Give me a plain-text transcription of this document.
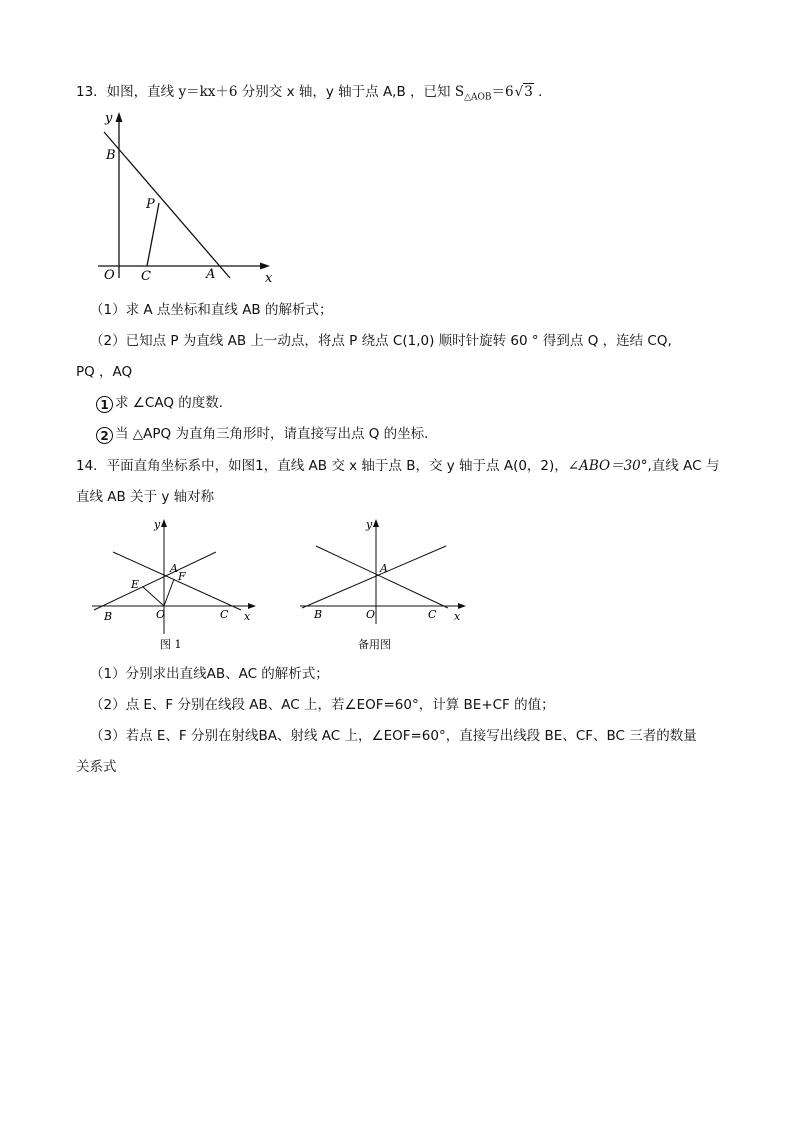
13．如图，直线 y＝kx＋6 分别交 x 轴，y 轴于点 A,B ，已知 $S_{\triangle AOB}=6√3$ ．
y
B
P
O C	A	x
（1）求 A 点坐标和直线 AB 的解析式；
（2）已知点 P 为直线 AB 上一动点，将点 P 绕点 C(1,0) 顺时针旋转 60 ° 得到点 Q ，连结 CQ,
PQ ，AQ
1 求 ∠CAQ 的度数．
2 当 △APQ 为直角三角形时，请直接写出点 Q 的坐标．
14．平面直角坐标系中，如图1，直线 AB 交 x 轴于点 B，交 y 轴于点 A(0，2)，∠ABO＝30°,直线 AC 与
直线 AB 关于 y 轴对称
y
A
F
E
B	O	C x
图 1
y
A
B	O	C x
备用图
（1）分别求出直线AB、AC 的解析式；
（2）点 E、F 分别在线段 AB、AC 上，若∠EOF=60°，计算 BE+CF 的值；
（3）若点 E、F 分别在射线BA、射线 AC 上，∠EOF=60°，直接写出线段 BE、CF、BC 三者的数量
关系式
